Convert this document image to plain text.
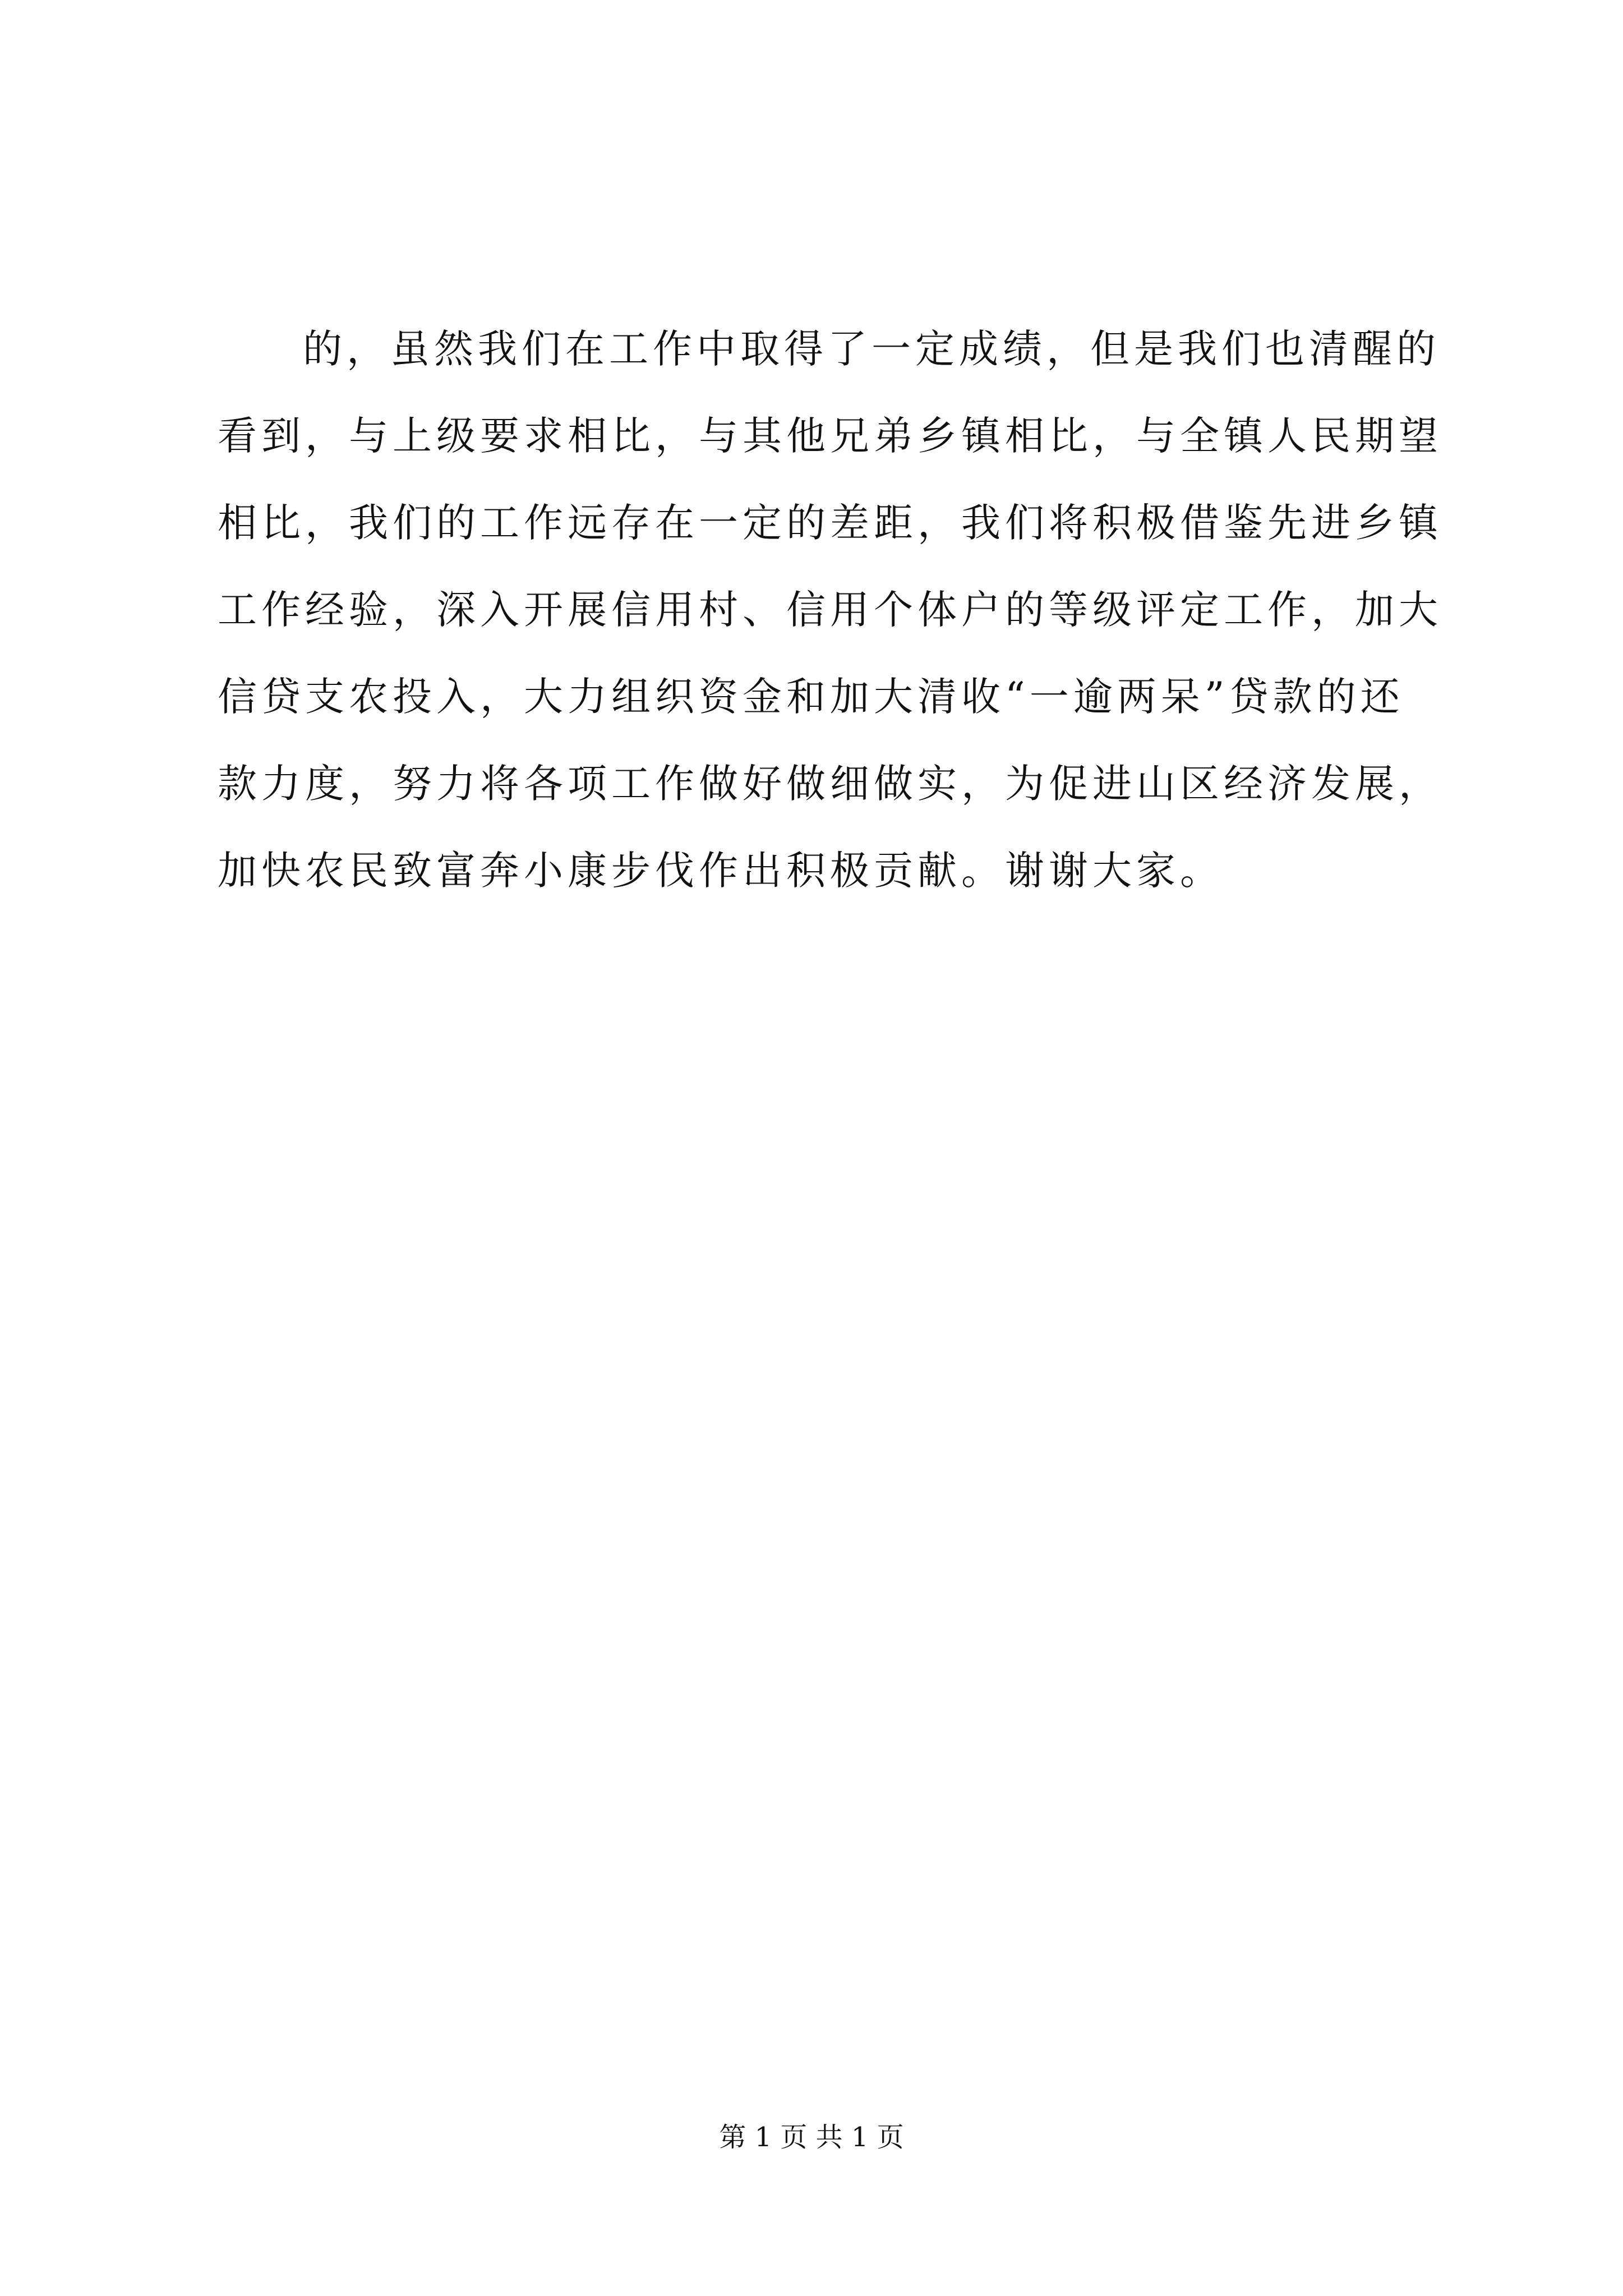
的，虽然我们在工作中取得了一定成绩，但是我们也清醒的
看到，与上级要求相比，与其他兄弟乡镇相比，与全镇人民期望
相比，我们的工作远存在一定的差距，我们将积极借鉴先进乡镇
工作经验，深入开展信用村、信用个体户的等级评定工作，加大
信贷支农投入，大力组织资金和加大清收“一逾两呆”贷款的还
款力度，努力将各项工作做好做细做实，为促进山区经济发展，
加快农民致富奔小康步伐作出积极贡献。谢谢大家。
第 1 页 共 1 页
